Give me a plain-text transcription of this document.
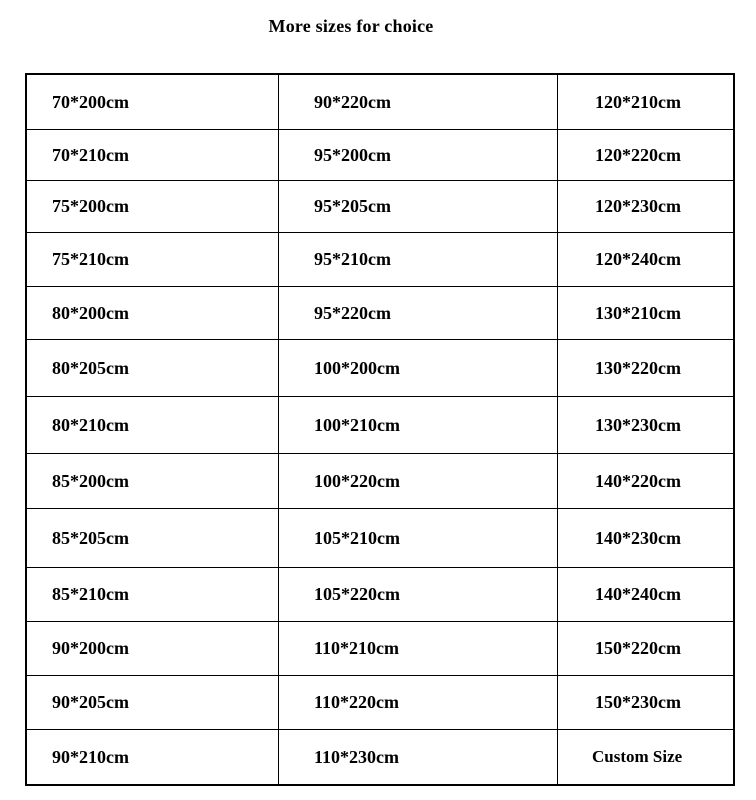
More sizes for choice
70*200cm	90*220cm	120*210cm
70*210cm	95*200cm	120*220cm
75*200cm	95*205cm	120*230cm
75*210cm	95*210cm	120*240cm
80*200cm	95*220cm	130*210cm
80*205cm	100*200cm	130*220cm
80*210cm	100*210cm	130*230cm
85*200cm	100*220cm	140*220cm
85*205cm	105*210cm	140*230cm
85*210cm	105*220cm	140*240cm
90*200cm	110*210cm	150*220cm
90*205cm	110*220cm	150*230cm
90*210cm	110*230cm	Custom Size
